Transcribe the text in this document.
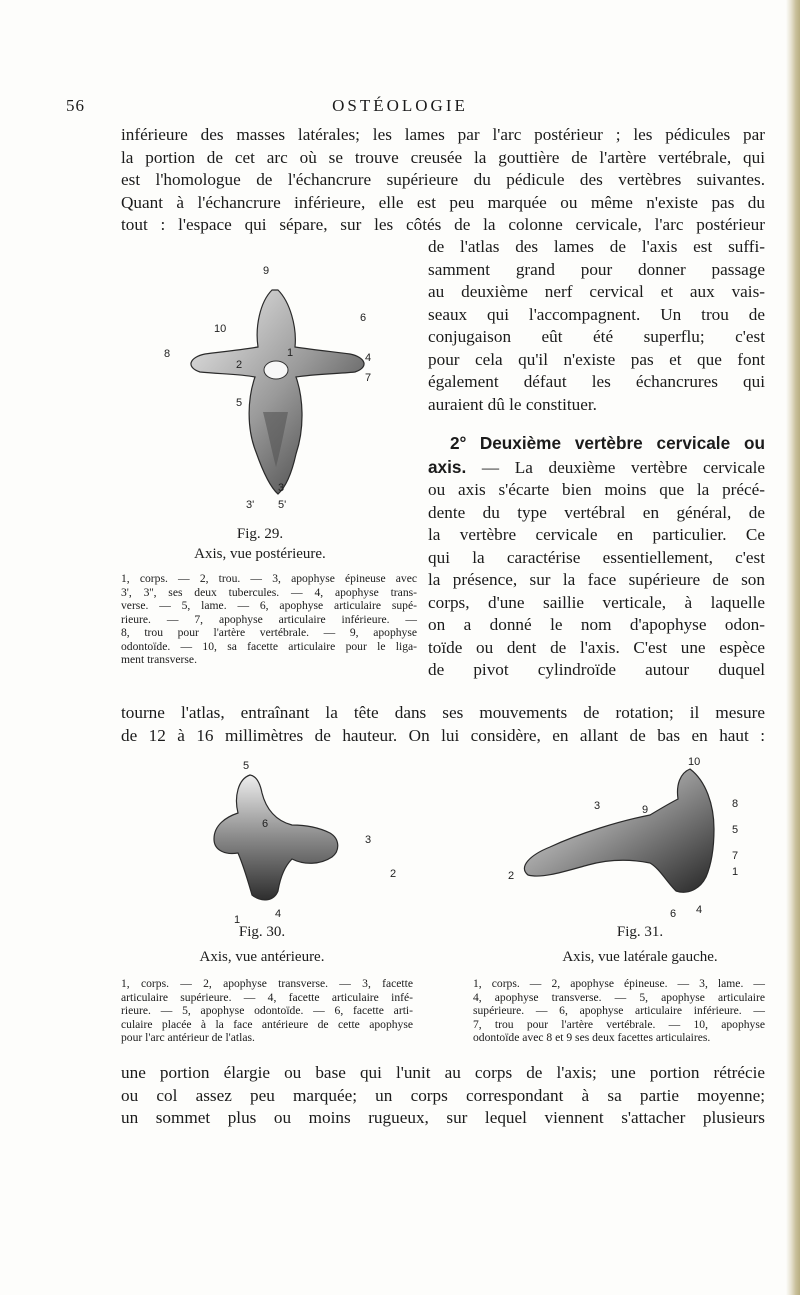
56	OSTÉOLOGIE
inférieure des masses latérales; les lames par l'arc postérieur ; les pédicules par
la portion de cet arc où se trouve creusée la gouttière de l'artère vertébrale, qui
est l'homologue de l'échancrure supérieure du pédicule des vertèbres suivantes.
Quant à l'échancrure inférieure, elle est peu marquée ou même n'existe pas du
tout : l'espace qui sépare, sur les côtés de la colonne cervicale, l'arc postérieur
de l'atlas des lames de l'axis est suffi-
samment grand pour donner passage
au deuxième nerf cervical et aux vais-
seaux qui l'accompagnent. Un trou de
conjugaison eût été superflu; c'est
pour cela qu'il n'existe pas et que font
également défaut les échancrures qui
auraient dû le constituer.
2° Deuxième vertèbre cervicale ou
axis. — La deuxième vertèbre cervicale
ou axis s'écarte bien moins que la précé-
dente du type vertébral en général, de
la vertèbre cervicale en particulier. Ce
qui la caractérise essentiellement, c'est
la présence, sur la face supérieure de son
corps, d'une saillie verticale, à laquelle
on a donné le nom d'apophyse odon-
toïde ou dent de l'axis. C'est une espèce
de pivot cylindroïde autour duquel
9
10
6
8	4
1
7
2
5
3
3' 5'
Fig. 29.
Axis, vue postérieure.
1, corps. — 2, trou. — 3, apophyse épineuse avec
3', 3'', ses deux tubercules. — 4, apophyse trans-
verse. — 5, lame. — 6, apophyse articulaire supé-
rieure. — 7, apophyse articulaire inférieure. —
8, trou pour l'artère vertébrale. — 9, apophyse
odontoïde. — 10, sa facette articulaire pour le liga-
ment transverse.
tourne l'atlas, entraînant la tête dans ses mouvements de rotation; il mesure
de 12 à 16 millimètres de hauteur. On lui considère, en allant de bas en haut :
5
6
3
2
4
1
Fig. 30.
Axis, vue antérieure.
1, corps. — 2, apophyse transverse. — 3, facette
articulaire supérieure. — 4, facette articulaire infé-
rieure. — 5, apophyse odontoïde. — 6, facette arti-
culaire placée à la face antérieure de cette apophyse
pour l'arc antérieur de l'atlas.
10
3	9	8
5
7
1
2
6 4
Fig. 31.
Axis, vue latérale gauche.
1, corps. — 2, apophyse épineuse. — 3, lame. —
4, apophyse transverse. — 5, apophyse articulaire
supérieure. — 6, apophyse articulaire inférieure. —
7, trou pour l'artère vertébrale. — 10, apophyse
odontoïde avec 8 et 9 ses deux facettes articulaires.
une portion élargie ou base qui l'unit au corps de l'axis; une portion rétrécie
ou col assez peu marquée; un corps correspondant à sa partie moyenne;
un sommet plus ou moins rugueux, sur lequel viennent s'attacher plusieurs
